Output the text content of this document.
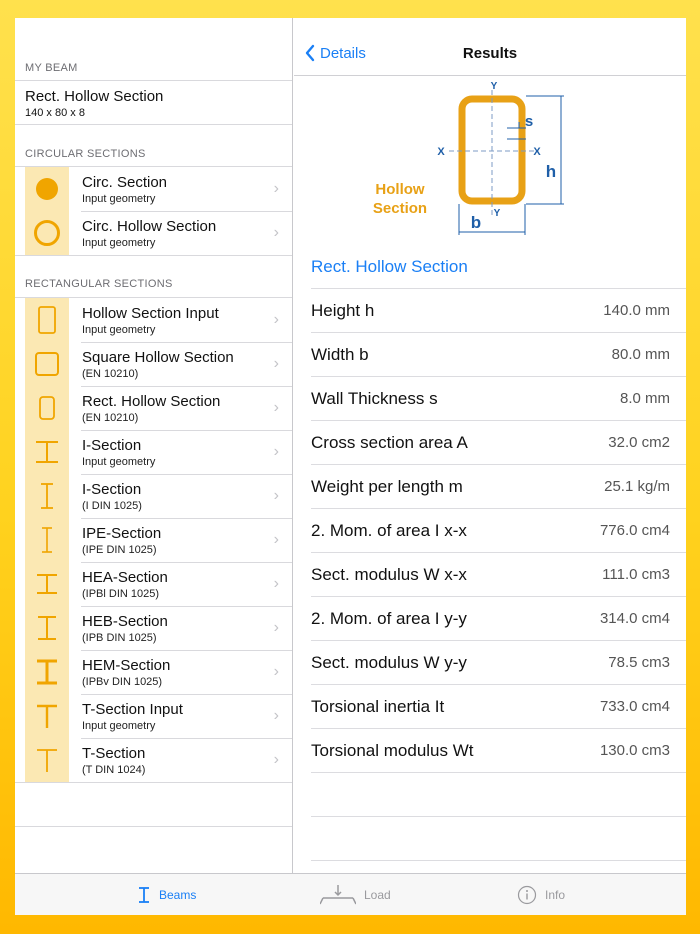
MY BEAM
Rect. Hollow Section
140 x 80 x 8
CIRCULAR SECTIONS
Circ. Section
Input geometry
›
Circ. Hollow Section
Input geometry
›
RECTANGULAR SECTIONS
Hollow Section Input
Input geometry
›
Square Hollow Section
(EN 10210)
›
Rect. Hollow Section
(EN 10210)
›
I-Section
Input geometry
›
I-Section
(I DIN 1025)
›
IPE-Section
(IPE DIN 1025)
›
HEA-Section
(IPBl DIN 1025)
›
HEB-Section
(IPB DIN 1025)
›
HEM-Section
(IPBv DIN 1025)
›
T-Section Input
Input geometry
›
T-Section
(T DIN 1024)
›
Details	Results
Y
Y
X	X
s
h
b
Hollow
Section
Rect. Hollow Section
Height h	140.0 mm
Width b	80.0 mm
Wall Thickness s	8.0 mm
Cross section area A	32.0 cm2
Weight per length m	25.1 kg/m
2. Mom. of area I x-x	776.0 cm4
Sect. modulus W x-x	111.0 cm3
2. Mom. of area I y-y	314.0 cm4
Sect. modulus W y-y	78.5 cm3
Torsional inertia It	733.0 cm4
Torsional modulus Wt	130.0 cm3
Beams	Load	Info
